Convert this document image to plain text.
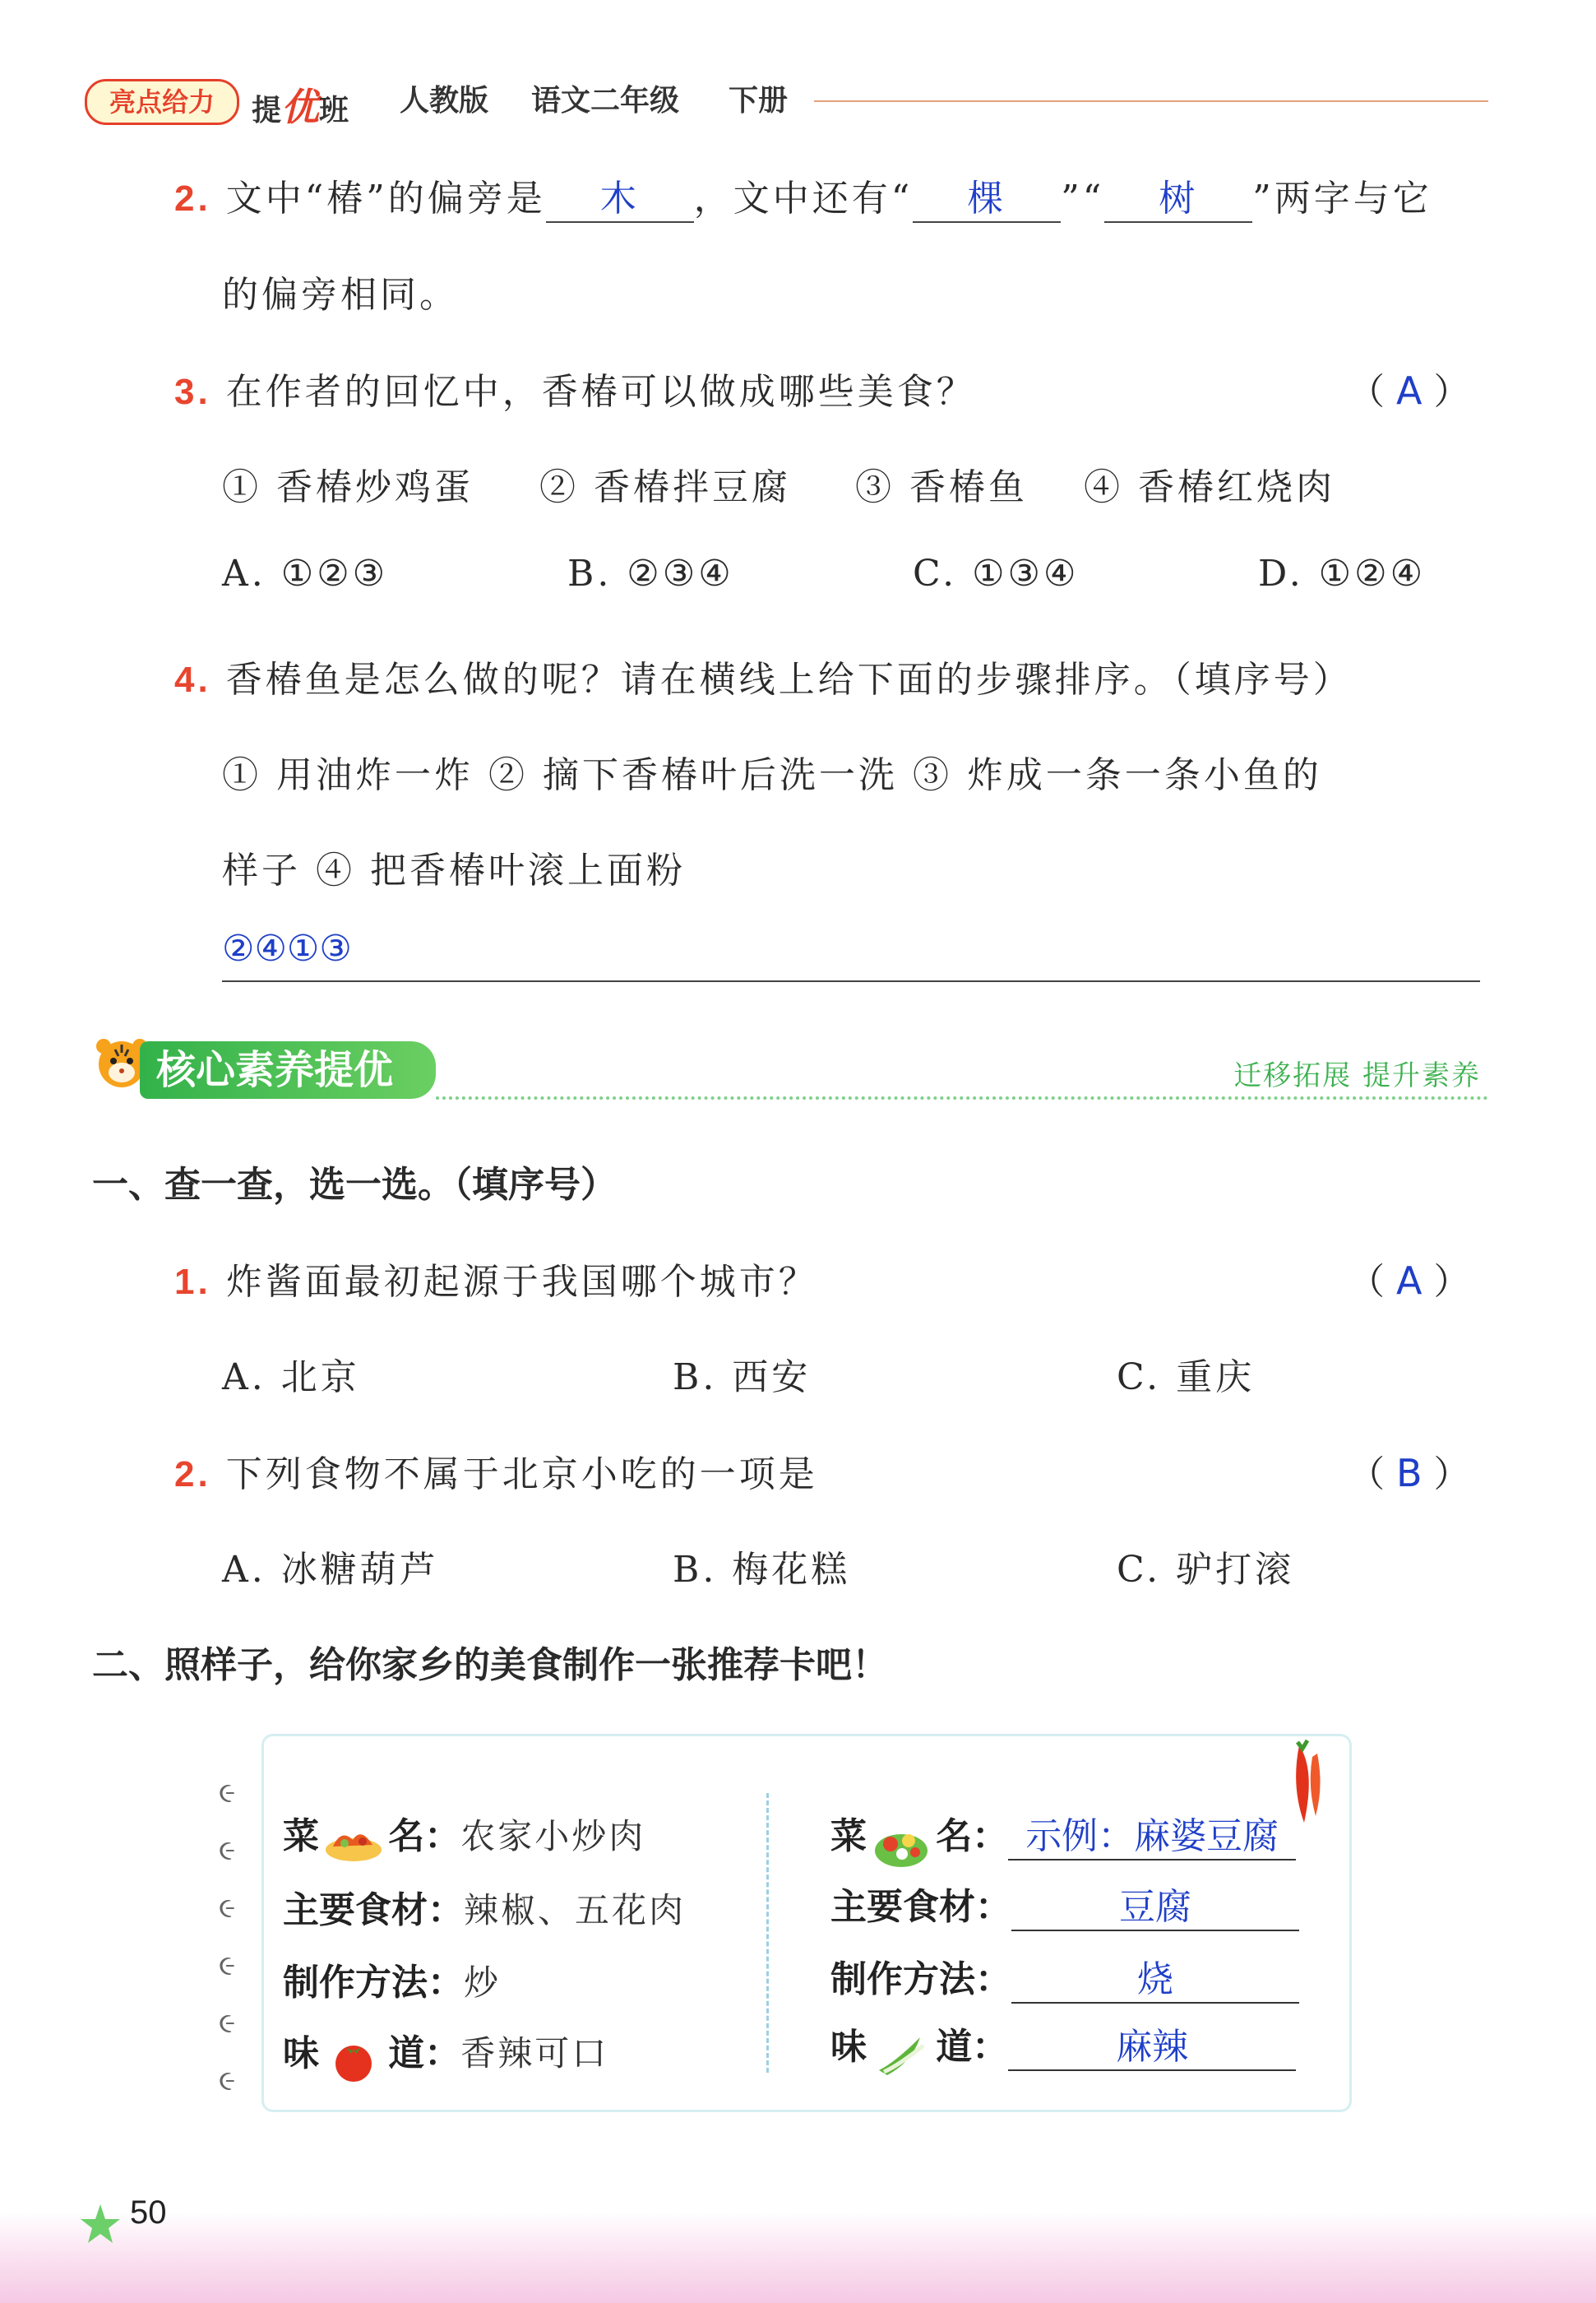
亮点给力	提优班 人教版 语文二年级 下册
2. 文中“椿”的偏旁是 木 ，文中还有“ 棵 ”“ 树 ”两字与它
的偏旁相同。
3. 在作者的回忆中，香椿可以做成哪些美食？	（ A ）
① 香椿炒鸡蛋 ② 香椿拌豆腐 ③ 香椿鱼 ④ 香椿红烧肉
A. ①②③	B. ②③④	C. ①③④	D. ①②④
4. 香椿鱼是怎么做的呢？请在横线上给下面的步骤排序。（填序号）
① 用油炸一炸 ② 摘下香椿叶后洗一洗 ③ 炸成一条一条小鱼的
样子 ④ 把香椿叶滚上面粉
②④①③
核心素养提优	迁移拓展 提升素养
一、查一查，选一选。（填序号）
1. 炸酱面最初起源于我国哪个城市？	（ A ）
A. 北京	B. 西安	C. 重庆
2. 下列食物不属于北京小吃的一项是	（ B ）
A. 冰糖葫芦	B. 梅花糕	C. 驴打滚
二、照样子，给你家乡的美食制作一张推荐卡吧！
૯
૯
૯
૯
૯
૯
菜 名：农家小炒肉
主要食材：辣椒、五花肉
制作方法：炒
味 道：香辣可口
菜 名： 示例：麻婆豆腐
主要食材：	豆腐
制作方法：	烧
味 道：	麻辣
50
